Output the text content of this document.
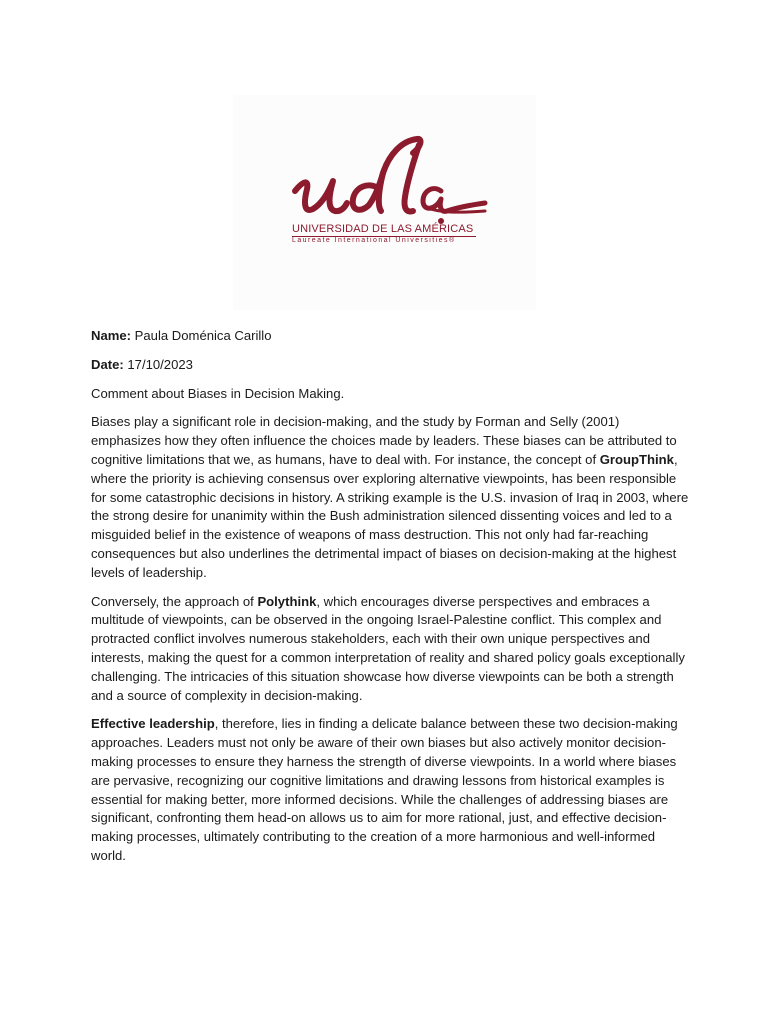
UNIVERSIDAD DE LAS AMÉRICAS
Laureate International Universities®

Name: Paula Doménica Carillo

Date: 17/10/2023

Comment about Biases in Decision Making.

Biases play a significant role in decision-making, and the study by Forman and Selly (2001) emphasizes how they often influence the choices made by leaders. These biases can be attributed to cognitive limitations that we, as humans, have to deal with. For instance, the concept of GroupThink, where the priority is achieving consensus over exploring alternative viewpoints, has been responsible for some catastrophic decisions in history. A striking example is the U.S. invasion of Iraq in 2003, where the strong desire for unanimity within the Bush administration silenced dissenting voices and led to a misguided belief in the existence of weapons of mass destruction. This not only had far-reaching consequences but also underlines the detrimental impact of biases on decision-making at the highest levels of leadership.

Conversely, the approach of Polythink, which encourages diverse perspectives and embraces a multitude of viewpoints, can be observed in the ongoing Israel-Palestine conflict. This complex and protracted conflict involves numerous stakeholders, each with their own unique perspectives and interests, making the quest for a common interpretation of reality and shared policy goals exceptionally challenging. The intricacies of this situation showcase how diverse viewpoints can be both a strength and a source of complexity in decision-making.

Effective leadership, therefore, lies in finding a delicate balance between these two decision-making approaches. Leaders must not only be aware of their own biases but also actively monitor decision-making processes to ensure they harness the strength of diverse viewpoints. In a world where biases are pervasive, recognizing our cognitive limitations and drawing lessons from historical examples is essential for making better, more informed decisions. While the challenges of addressing biases are significant, confronting them head-on allows us to aim for more rational, just, and effective decision-making processes, ultimately contributing to the creation of a more harmonious and well-informed world.
